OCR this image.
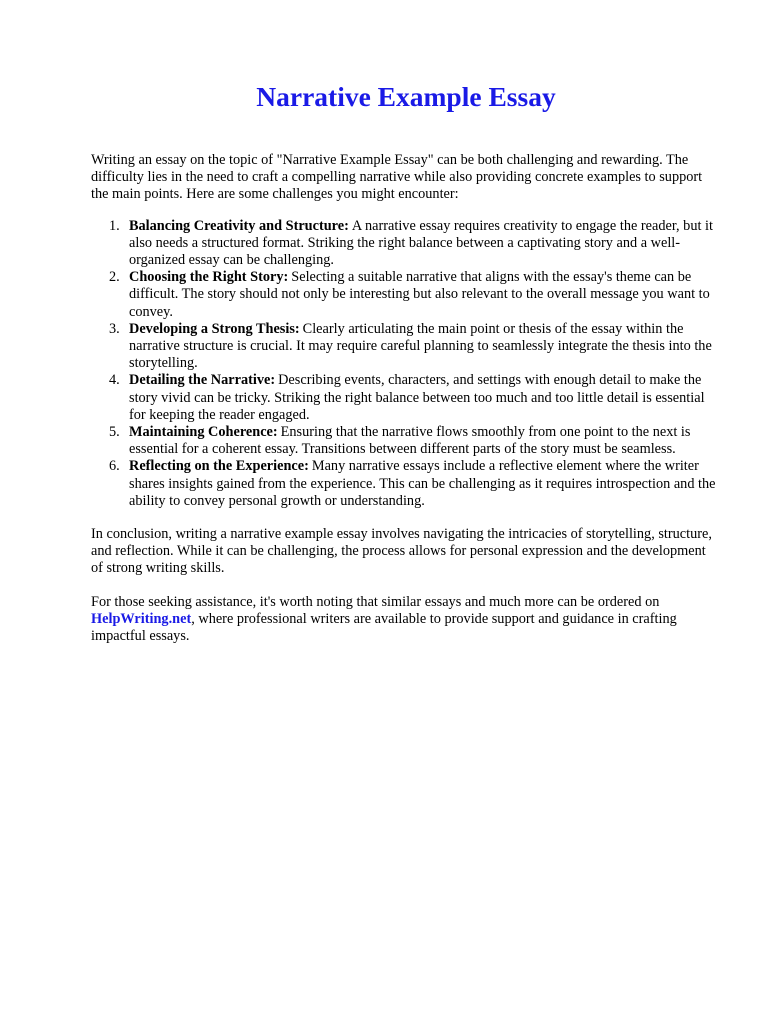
Narrative Example Essay

Writing an essay on the topic of "Narrative Example Essay" can be both challenging and rewarding. The difficulty lies in the need to craft a compelling narrative while also providing concrete examples to support the main points. Here are some challenges you might encounter:

1. Balancing Creativity and Structure: A narrative essay requires creativity to engage the reader, but it also needs a structured format. Striking the right balance between a captivating story and a well-organized essay can be challenging.
2. Choosing the Right Story: Selecting a suitable narrative that aligns with the essay's theme can be difficult. The story should not only be interesting but also relevant to the overall message you want to convey.
3. Developing a Strong Thesis: Clearly articulating the main point or thesis of the essay within the narrative structure is crucial. It may require careful planning to seamlessly integrate the thesis into the storytelling.
4. Detailing the Narrative: Describing events, characters, and settings with enough detail to make the story vivid can be tricky. Striking the right balance between too much and too little detail is essential for keeping the reader engaged.
5. Maintaining Coherence: Ensuring that the narrative flows smoothly from one point to the next is essential for a coherent essay. Transitions between different parts of the story must be seamless.
6. Reflecting on the Experience: Many narrative essays include a reflective element where the writer shares insights gained from the experience. This can be challenging as it requires introspection and the ability to convey personal growth or understanding.

In conclusion, writing a narrative example essay involves navigating the intricacies of storytelling, structure, and reflection. While it can be challenging, the process allows for personal expression and the development of strong writing skills.

For those seeking assistance, it's worth noting that similar essays and much more can be ordered on HelpWriting.net, where professional writers are available to provide support and guidance in crafting impactful essays.
